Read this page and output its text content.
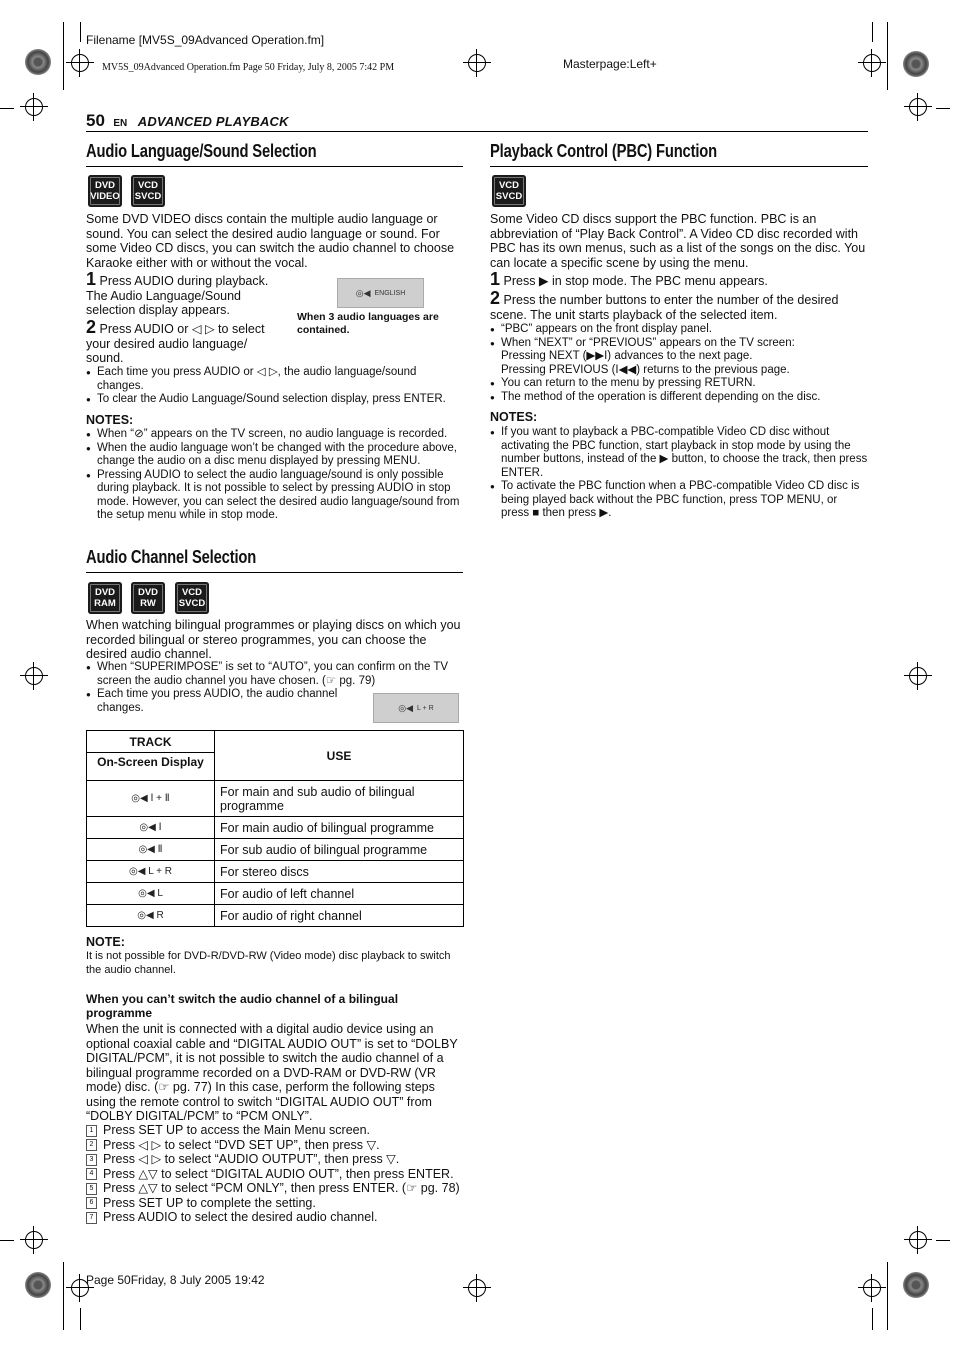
Filename [MV5S_09Advanced Operation.fm]
MV5S_09Advanced Operation.fm Page 50 Friday, July 8, 2005 7:42 PM	Masterpage:Left+
50 EN ADVANCED PLAYBACK
Audio Language/Sound Selection
DVD
VIDEO
VCD
SVCD
Some DVD VIDEO discs contain the multiple audio language or sound. You can select the desired audio language or sound. For some Video CD discs, you can switch the audio channel to choose Karaoke either with or without the vocal.
1 Press AUDIO during playback. The Audio Language/Sound selection display appears.
2 Press AUDIO or ◁ ▷ to select your desired audio language/ sound.
◎◀ ENGLISH
When 3 audio languages are contained.
● Each time you press AUDIO or ◁ ▷, the audio language/sound changes.
● To clear the Audio Language/Sound selection display, press ENTER.
NOTES:
● When “⊘” appears on the TV screen, no audio language is recorded.
● When the audio language won’t be changed with the procedure above, change the audio on a disc menu displayed by pressing MENU.
● Pressing AUDIO to select the audio language/sound is only possible during playback. It is not possible to select by pressing AUDIO in stop mode. However, you can select the desired audio language/sound from the setup menu while in stop mode.
Audio Channel Selection
DVD
RAM
DVD
RW
VCD
SVCD
When watching bilingual programmes or playing discs on which you recorded bilingual or stereo programmes, you can choose the desired audio channel.
● When “SUPERIMPOSE” is set to “AUTO”, you can confirm on the TV screen the audio channel you have chosen. (☞ pg. 79)
● Each time you press AUDIO, the audio channel changes.	◎◀ L + R
TRACK	USE
On-Screen Display	
◎◀ Ⅰ + Ⅱ	For main and sub audio of bilingual programme
◎◀ Ⅰ	For main audio of bilingual programme
◎◀ Ⅱ	For sub audio of bilingual programme
◎◀ L + R	For stereo discs
◎◀ L	For audio of left channel
◎◀ R	For audio of right channel
NOTE:
It is not possible for DVD-R/DVD-RW (Video mode) disc playback to switch the audio channel.
When you can’t switch the audio channel of a bilingual programme
When the unit is connected with a digital audio device using an optional coaxial cable and “DIGITAL AUDIO OUT” is set to “DOLBY DIGITAL/PCM”, it is not possible to switch the audio channel of a bilingual programme recorded on a DVD-RAM or DVD-RW (VR mode) disc. (☞ pg. 77) In this case, perform the following steps using the remote control to switch “DIGITAL AUDIO OUT” from “DOLBY DIGITAL/PCM” to “PCM ONLY”.
1 Press SET UP to access the Main Menu screen.
2 Press ◁ ▷ to select “DVD SET UP”, then press ▽.
3 Press ◁ ▷ to select “AUDIO OUTPUT”, then press ▽.
4 Press △▽ to select “DIGITAL AUDIO OUT”, then press ENTER.
5 Press △▽ to select “PCM ONLY”, then press ENTER. (☞ pg. 78)
6 Press SET UP to complete the setting.
7 Press AUDIO to select the desired audio channel.
Playback Control (PBC) Function
VCD
SVCD
Some Video CD discs support the PBC function. PBC is an abbreviation of “Play Back Control”. A Video CD disc recorded with PBC has its own menus, such as a list of the songs on the disc. You can locate a specific scene by using the menu.
1 Press ▶ in stop mode. The PBC menu appears.
2 Press the number buttons to enter the number of the desired scene. The unit starts playback of the selected item.
● “PBC” appears on the front display panel.
● When “NEXT” or “PREVIOUS” appears on the TV screen:
Pressing NEXT (▶▶I) advances to the next page.
Pressing PREVIOUS (I◀◀) returns to the previous page.
● You can return to the menu by pressing RETURN.
● The method of the operation is different depending on the disc.
NOTES:
● If you want to playback a PBC-compatible Video CD disc without activating the PBC function, start playback in stop mode by using the number buttons, instead of the ▶ button, to choose the track, then press ENTER.
● To activate the PBC function when a PBC-compatible Video CD disc is being played back without the PBC function, press TOP MENU, or press ■ then press ▶.
Page 50Friday, 8 July 2005 19:42
